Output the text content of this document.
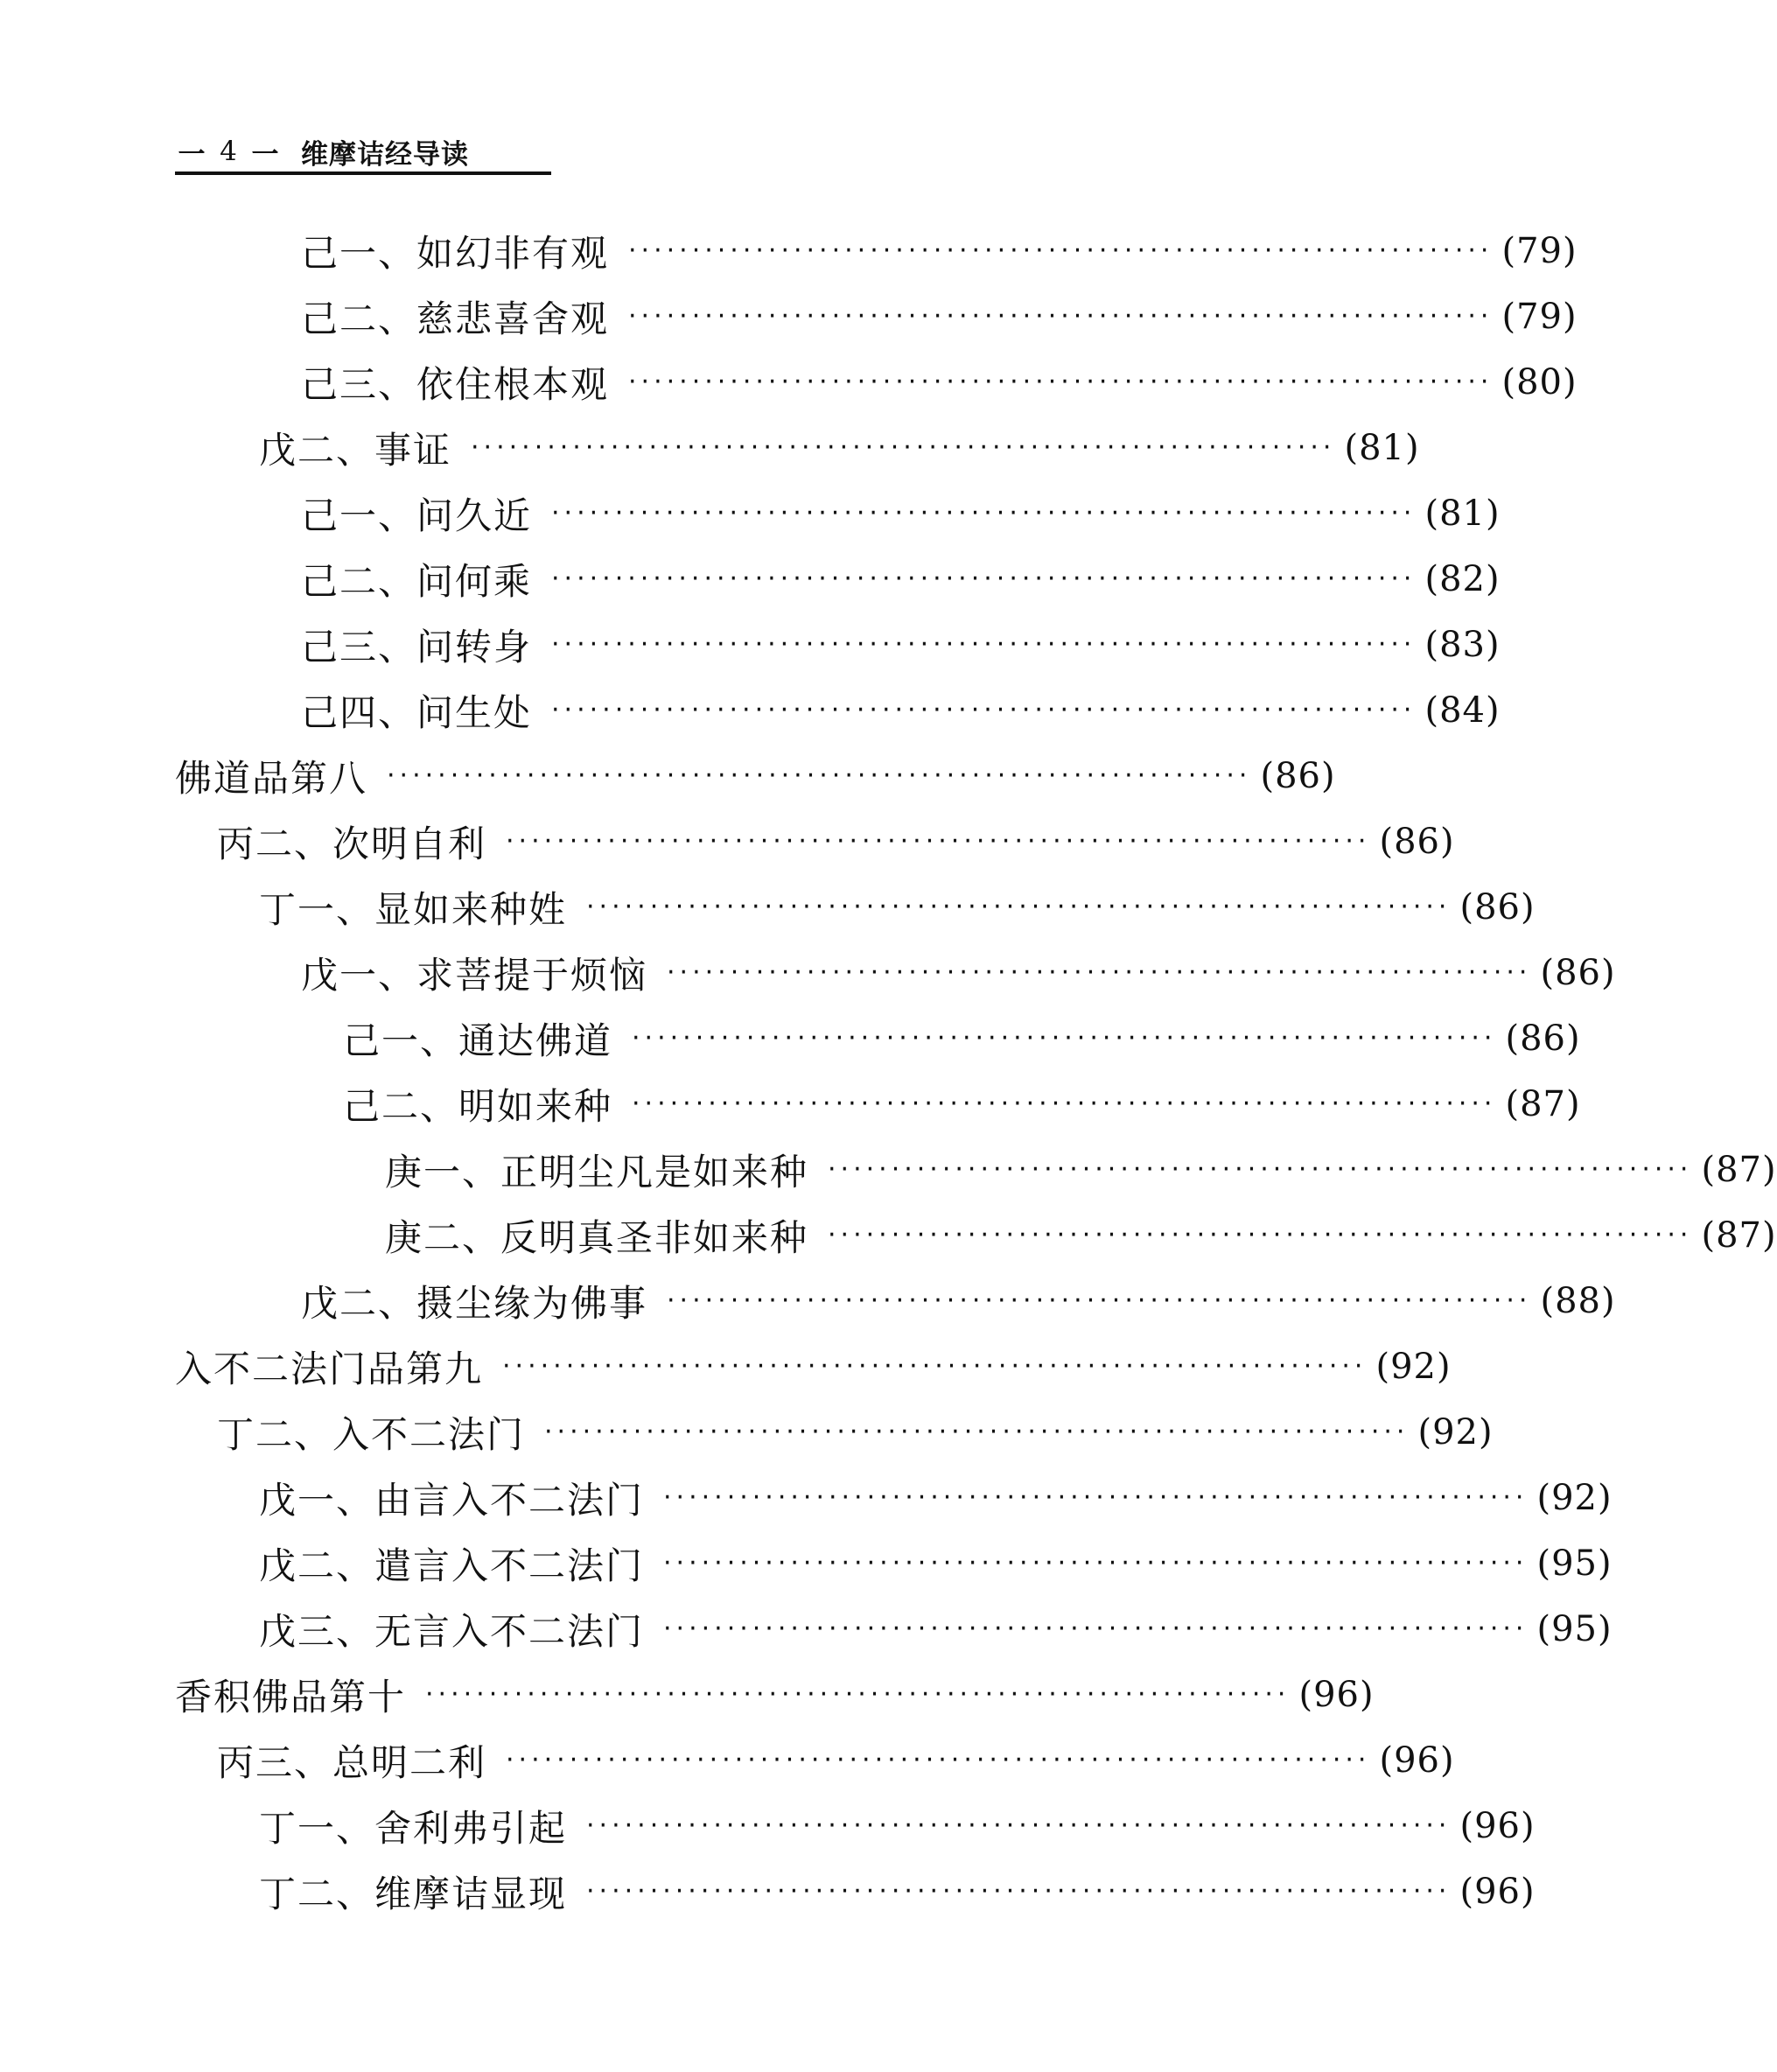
一 4 一 维摩诘经导读
己一、如幻非有观 ···································································· (79)
己二、慈悲喜舍观 ···································································· (79)
己三、依住根本观 ···································································· (80)
戊二、事证 ···································································· (81)
己一、问久近 ···································································· (81)
己二、问何乘 ···································································· (82)
己三、问转身 ···································································· (83)
己四、问生处 ···································································· (84)
佛道品第八 ···································································· (86)
丙二、次明自利 ···································································· (86)
丁一、显如来种姓 ···································································· (86)
戊一、求菩提于烦恼 ···································································· (86)
己一、通达佛道 ···································································· (86)
己二、明如来种 ···································································· (87)
庚一、正明尘凡是如来种 ···································································· (87)
庚二、反明真圣非如来种 ···································································· (87)
戊二、摄尘缘为佛事 ···································································· (88)
入不二法门品第九 ···································································· (92)
丁二、入不二法门 ···································································· (92)
戊一、由言入不二法门 ···································································· (92)
戊二、遣言入不二法门 ···································································· (95)
戊三、无言入不二法门 ···································································· (95)
香积佛品第十 ···································································· (96)
丙三、总明二利 ···································································· (96)
丁一、舍利弗引起 ···································································· (96)
丁二、维摩诘显现 ···································································· (96)
